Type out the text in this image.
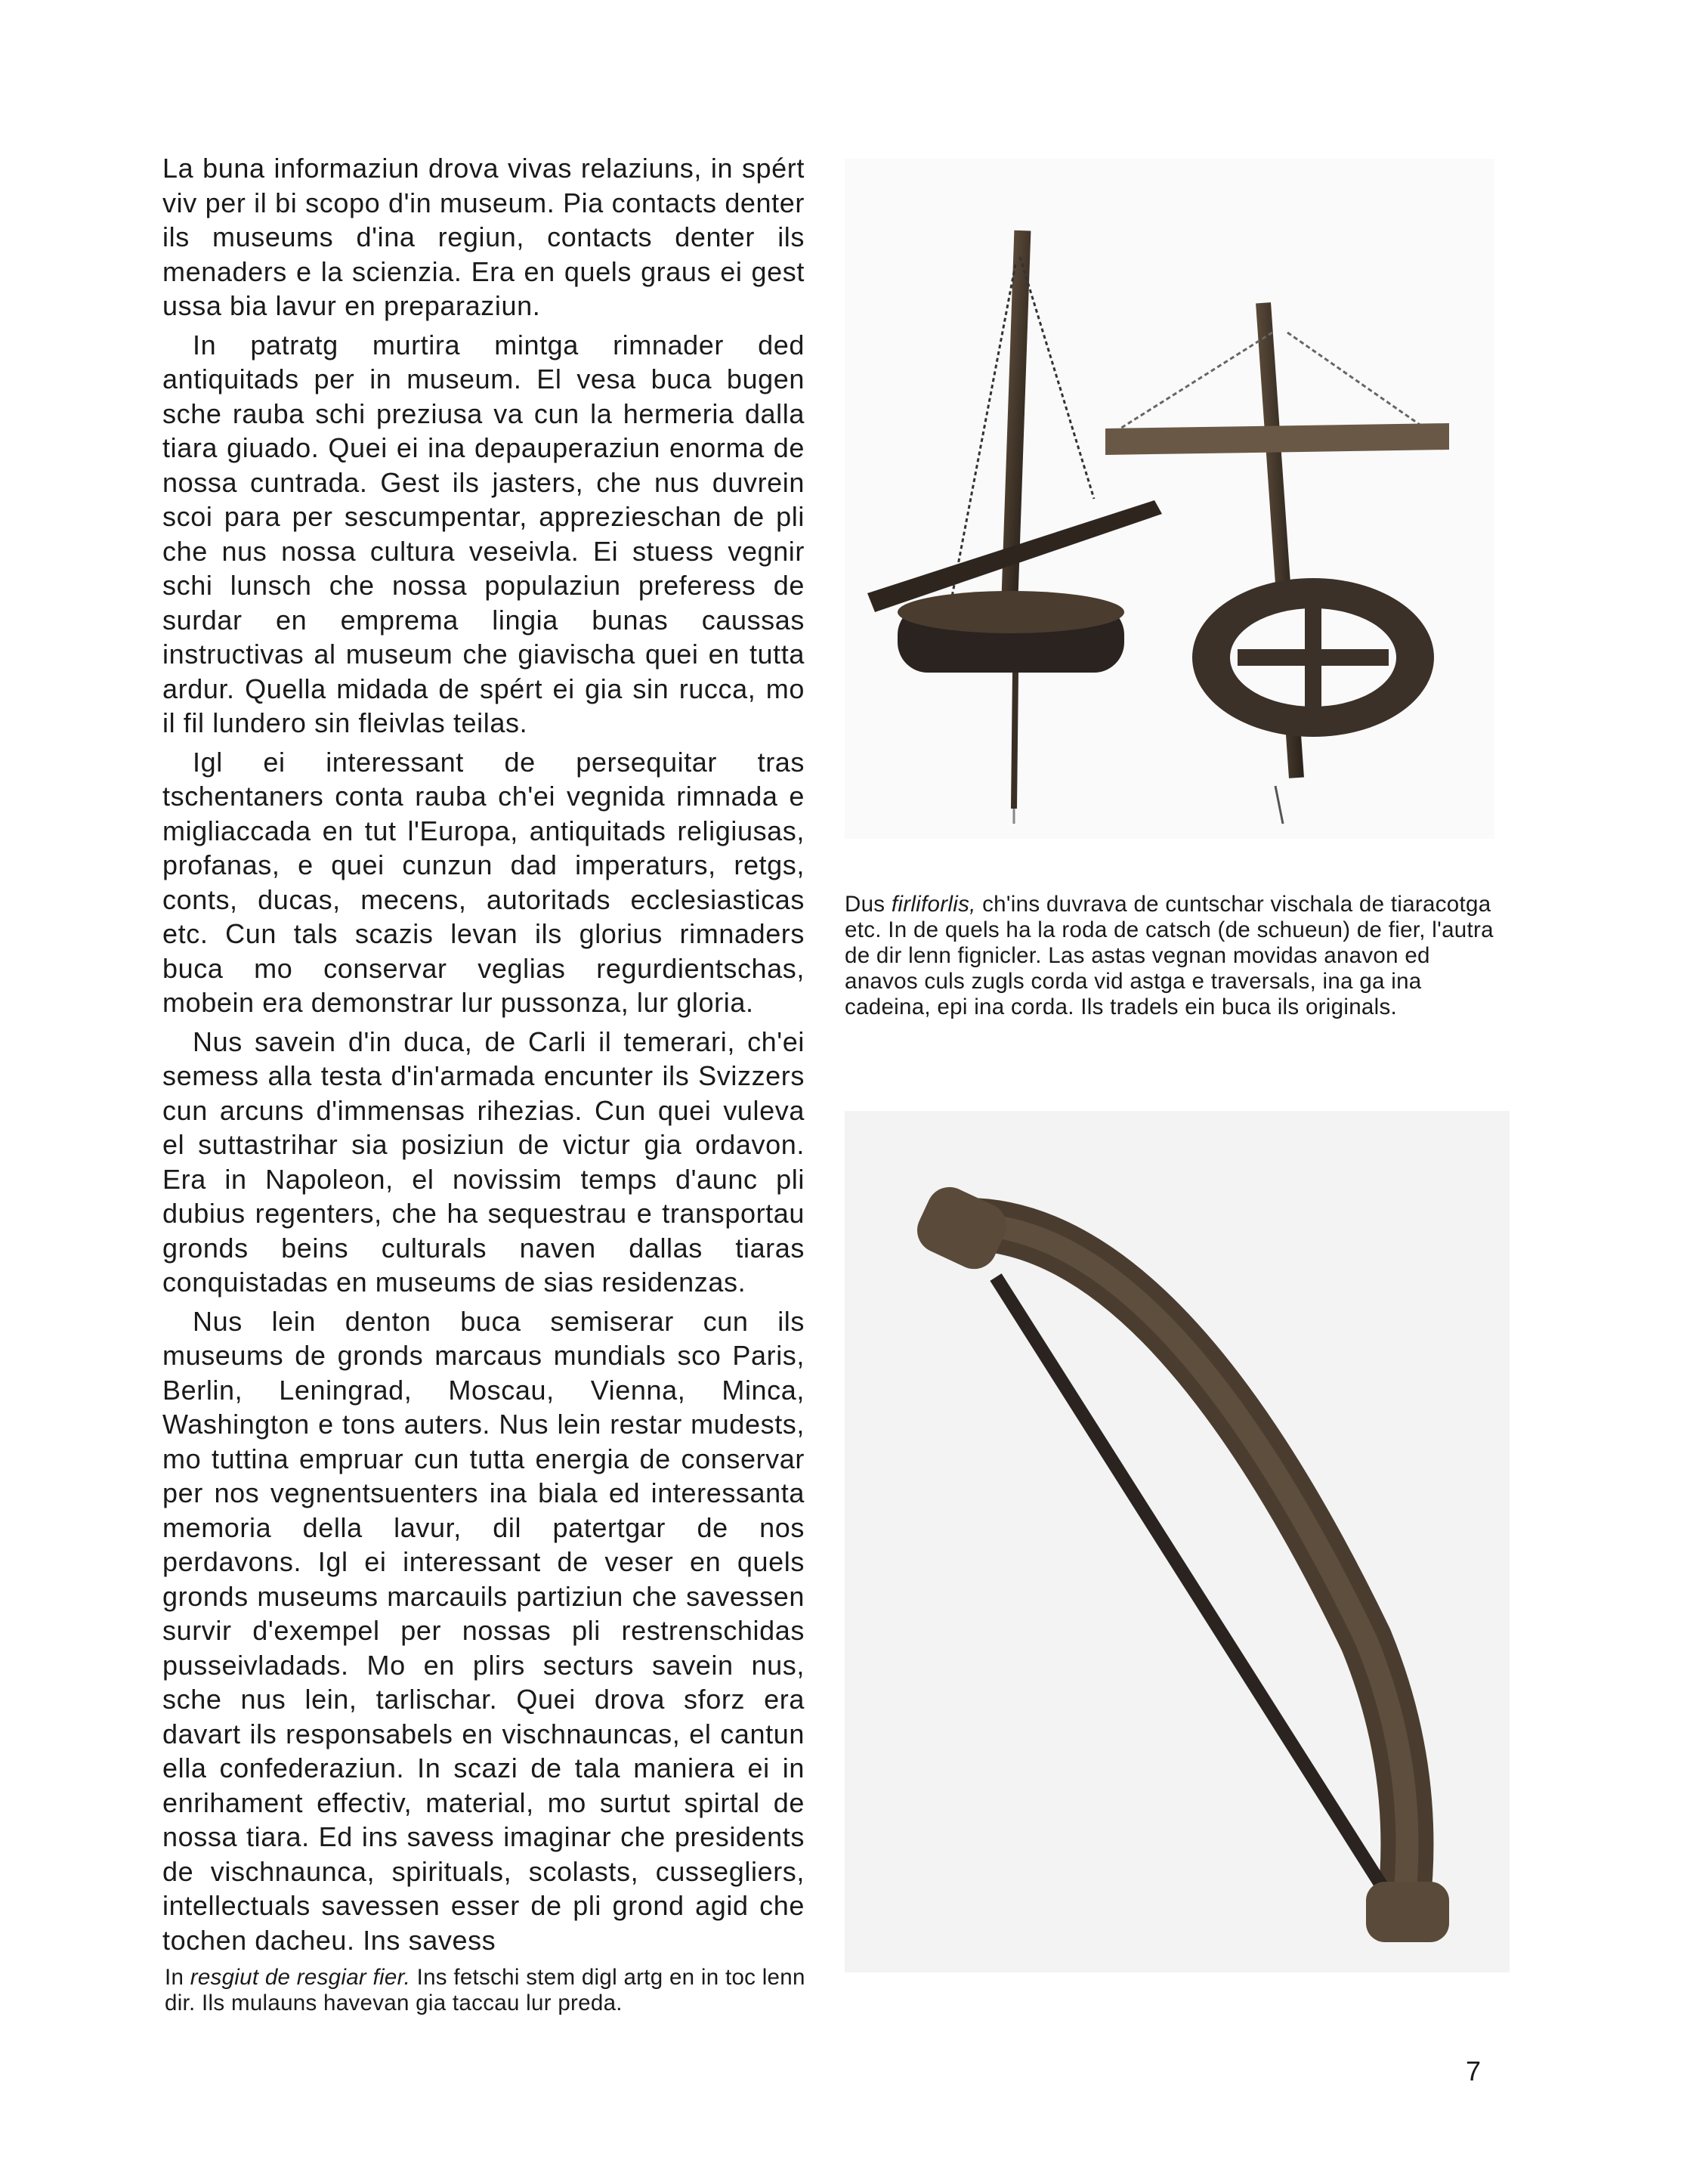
La buna informaziun drova vivas relaziuns, in spért viv per il bi scopo d'in museum. Pia contacts denter ils museums d'ina regiun, contacts denter ils menaders e la scienzia. Era en quels graus ei gest ussa bia lavur en preparaziun.

In patratg murtira mintga rimnader ded antiquitads per in museum. El vesa buca bugen sche rauba schi preziusa va cun la hermeria dalla tiara giuado. Quei ei ina depauperaziun enorma de nossa cuntrada. Gest ils jasters, che nus duvrein scoi para per sescumpentar, apprezieschan de pli che nus nossa cultura veseivla. Ei stuess vegnir schi lunsch che nossa populaziun preferess de surdar en emprema lingia bunas caussas instructivas al museum che giavischa quei en tutta ardur. Quella midada de spért ei gia sin rucca, mo il fil lundero sin fleivlas teilas.

Igl ei interessant de persequitar tras tschentaners conta rauba ch'ei vegnida rimnada e migliaccada en tut l'Europa, antiquitads religiusas, profanas, e quei cunzun dad imperaturs, retgs, conts, ducas, mecens, autoritads ecclesiasticas etc. Cun tals scazis levan ils glorius rimnaders buca mo conservar veglias regurdientschas, mobein era demonstrar lur pussonza, lur gloria.

Nus savein d'in duca, de Carli il temerari, ch'ei semess alla testa d'in'armada encunter ils Svizzers cun arcuns d'immensas rihezias. Cun quei vuleva el suttastrihar sia posiziun de victur gia ordavon. Era in Napoleon, el novissim temps d'aunc pli dubius regenters, che ha sequestrau e transportau gronds beins culturals naven dallas tiaras conquistadas en museums de sias residenzas.

Nus lein denton buca semiserar cun ils museums de gronds marcaus mundials sco Paris, Berlin, Leningrad, Moscau, Vienna, Minca, Washington e tons auters. Nus lein restar mudests, mo tuttina empruar cun tutta energia de conservar per nos vegnentsuenters ina biala ed interessanta memoria della lavur, dil patertgar de nos perdavons. Igl ei interessant de veser en quels gronds museums marcauils partiziun che savessen survir d'exempel per nossas pli restrenschidas pusseivladads. Mo en plirs secturs savein nus, sche nus lein, tarlischar. Quei drova sforz era davart ils responsabels en vischnauncas, el cantun ella confederaziun. In scazi de tala maniera ei in enrihament effectiv, material, mo surtut spirtal de nossa tiara. Ed ins savess imaginar che presidents de vischnaunca, spirituals, scolasts, cussegliers, intellectuals savessen esser de pli grond agid che tochen dacheu. Ins savess

Dus firliforlis, ch'ins duvrava de cuntschar vischala de tiaracotga etc. In de quels ha la roda de catsch (de schueun) de fier, l'autra de dir lenn fignicler. Las astas vegnan movidas anavon ed anavos culs zugls corda vid astga e traversals, ina ga ina cadeina, epi ina corda. Ils tradels ein buca ils originals.
In resgiut de resgiar fier. Ins fetschi stem digl artg en in toc lenn dir. Ils mulauns havevan gia taccau lur preda.
7
